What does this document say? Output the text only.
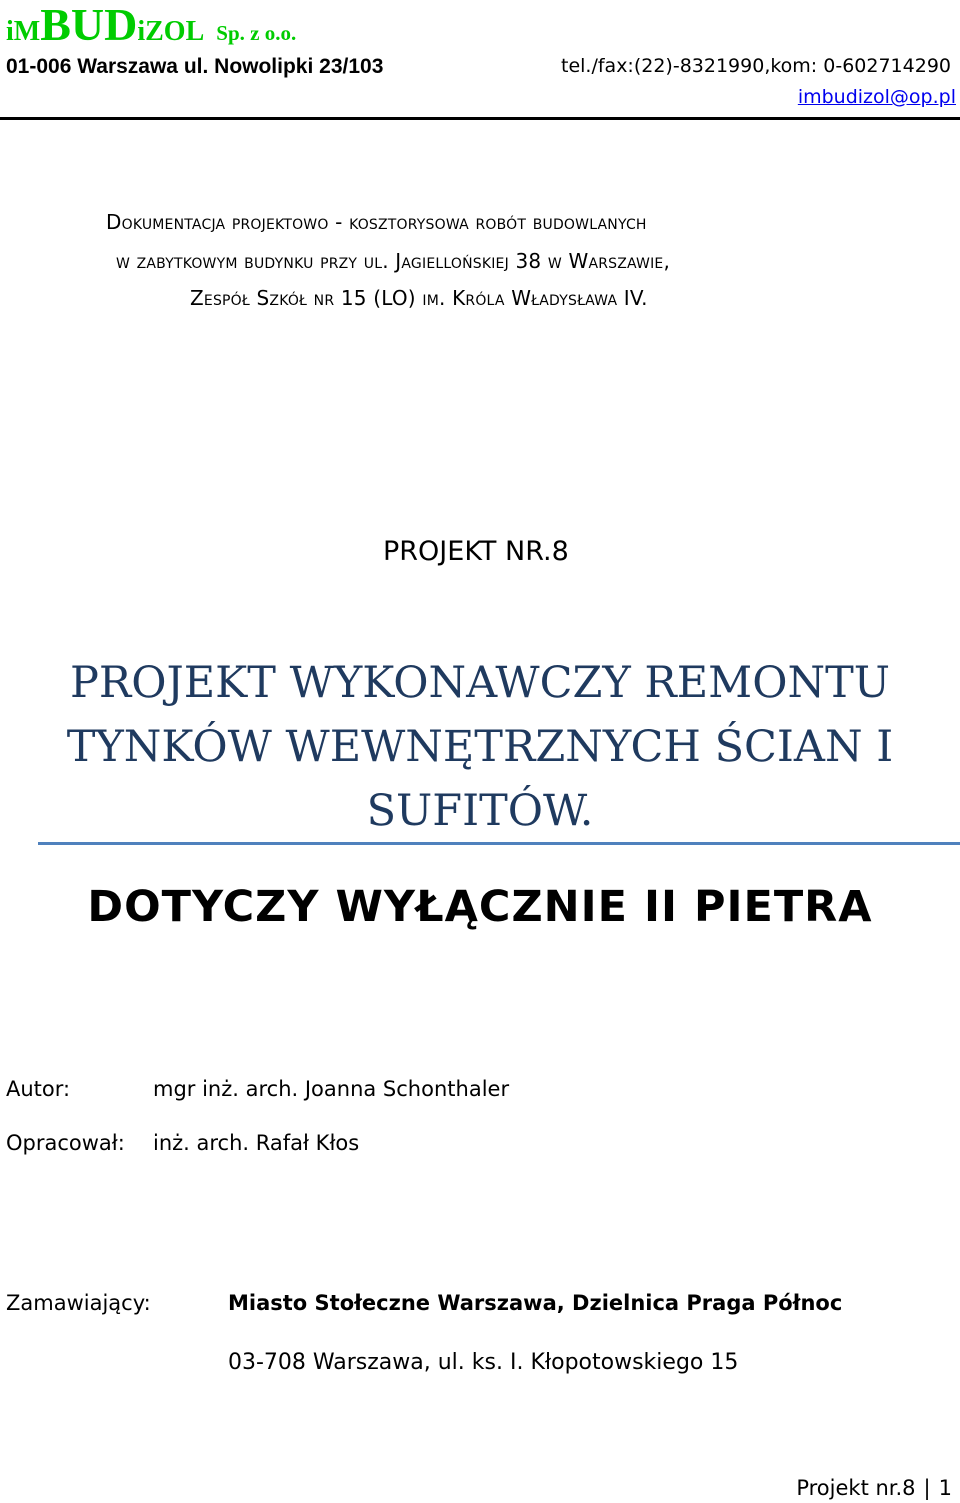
iMBUDiZOL Sp. z o.o.
01-006 Warszawa ul. Nowolipki 23/103	tel./fax:(22)-8321990,kom: 0-602714290
imbudizol@op.pl
Dokumentacja projektowo - kosztorysowa robót budowlanych
w zabytkowym budynku przy ul. Jagiellońskiej 38 w Warszawie,
Zespół Szkół nr 15 (LO) im. Króla Władysława IV.
PROJEKT NR.8
PROJEKT WYKONAWCZY REMONTU
TYNKÓW WEWNĘTRZNYCH ŚCIAN I
SUFITÓW.
DOTYCZY WYŁĄCZNIE II PIETRA
Autor:	mgr inż. arch. Joanna Schonthaler
Opracował: inż. arch. Rafał Kłos
Zamawiający:	Miasto Stołeczne Warszawa, Dzielnica Praga Północ
03-708 Warszawa, ul. ks. I. Kłopotowskiego 15
Projekt nr.8 | 1
